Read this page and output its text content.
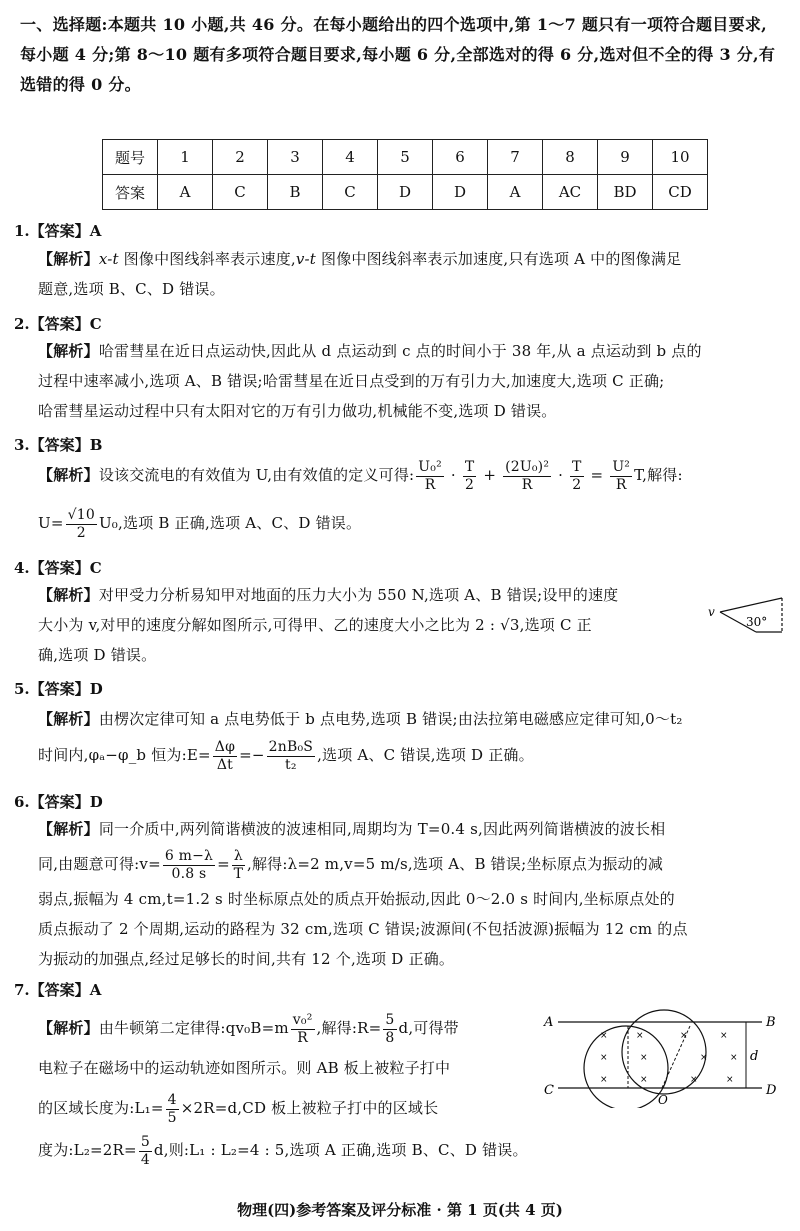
一、选择题:本题共 10 小题,共 46 分。在每小题给出的四个选项中,第 1～7 题只有一项符合题目要求,每小题 4 分;第 8～10 题有多项符合题目要求,每小题 6 分,全部选对的得 6 分,选对但不全的得 3 分,有选错的得 0 分。
题号	1	2	3	4	5	6	7	8	9	10
答案	A	C	B	C	D	D	A	AC	BD	CD
1.【答案】A
【解析】x-t 图像中图线斜率表示速度,v-t 图像中图线斜率表示加速度,只有选项 A 中的图像满足
题意,选项 B、C、D 错误。
2.【答案】C
【解析】哈雷彗星在近日点运动快,因此从 d 点运动到 c 点的时间小于 38 年,从 a 点运动到 b 点的
过程中速率减小,选项 A、B 错误;哈雷彗星在近日点受到的万有引力大,加速度大,选项 C 正确;
哈雷彗星运动过程中只有太阳对它的万有引力做功,机械能不变,选项 D 错误。
3.【答案】B
【解析】设该交流电的有效值为 U,由有效值的定义可得: $\frac{\text{U₀²}}{R} \cdot \frac{T}{2} + \frac{\text{(2U₀)²}}{R} \cdot \frac{T}{2} = \frac{\text{U²}}{R} T$,解得:
$U= \frac{√10}{2} U_0$,选项 B 正确,选项 A、C、D 错误。
4.【答案】C
【解析】对甲受力分析易知甲对地面的压力大小为 550 N,选项 A、B 错误;设甲的速度
大小为 v,对甲的速度分解如图所示,可得甲、乙的速度大小之比为 2 : √3,选项 C 正
确,选项 D 错误。
v
30°
5.【答案】D
【解析】由楞次定律可知 a 点电势低于 b 点电势,选项 B 错误;由法拉第电磁感应定律可知,0～t₂
时间内,φₐ−φ_b 恒为:E= $\frac{\Delta\varphi}{\Delta t} =- \frac{\text{2nB₀S}}{\text{t₂}}$ ,选项 A、C 错误,选项 D 正确。
6.【答案】D
【解析】同一介质中,两列简谐横波的波速相同,周期均为 T=0.4 s,因此两列简谐横波的波长相
同,由题意可得:v= $\frac{6 m-\lambda}{0.8 s} = \frac{\lambda}{T}$ ,解得:λ=2 m,v=5 m/s,选项 A、B 错误;坐标原点为振动的减
弱点,振幅为 4 cm,t=1.2 s 时坐标原点处的质点开始振动,因此 0～2.0 s 时间内,坐标原点处的
质点振动了 2 个周期,运动的路程为 32 cm,选项 C 错误;波源间(不包括波源)振幅为 12 cm 的点
为振动的加强点,经过足够长的时间,共有 12 个,选项 D 正确。
7.【答案】A
【解析】由牛顿第二定律得:qv₀B=m $\frac{\text{v₀²}}{R}$ ,解得:R= $\frac{5}{8} d$,可得带
电粒子在磁场中的运动轨迹如图所示。则 AB 板上被粒子打中
的区域长度为:L₁= $\frac{4}{5} \times 2R=d,CD$ 板上被粒子打中的区域长
度为:L₂=2R= $\frac{5}{4} d$,则:L₁ : L₂=4 : 5,选项 A 正确,选项 B、C、D 错误。
A	B
C	D
d
O
×	×	×	×
×	×	× ×
×	×	×	×
物理(四)参考答案及评分标准 · 第 1 页(共 4 页)
